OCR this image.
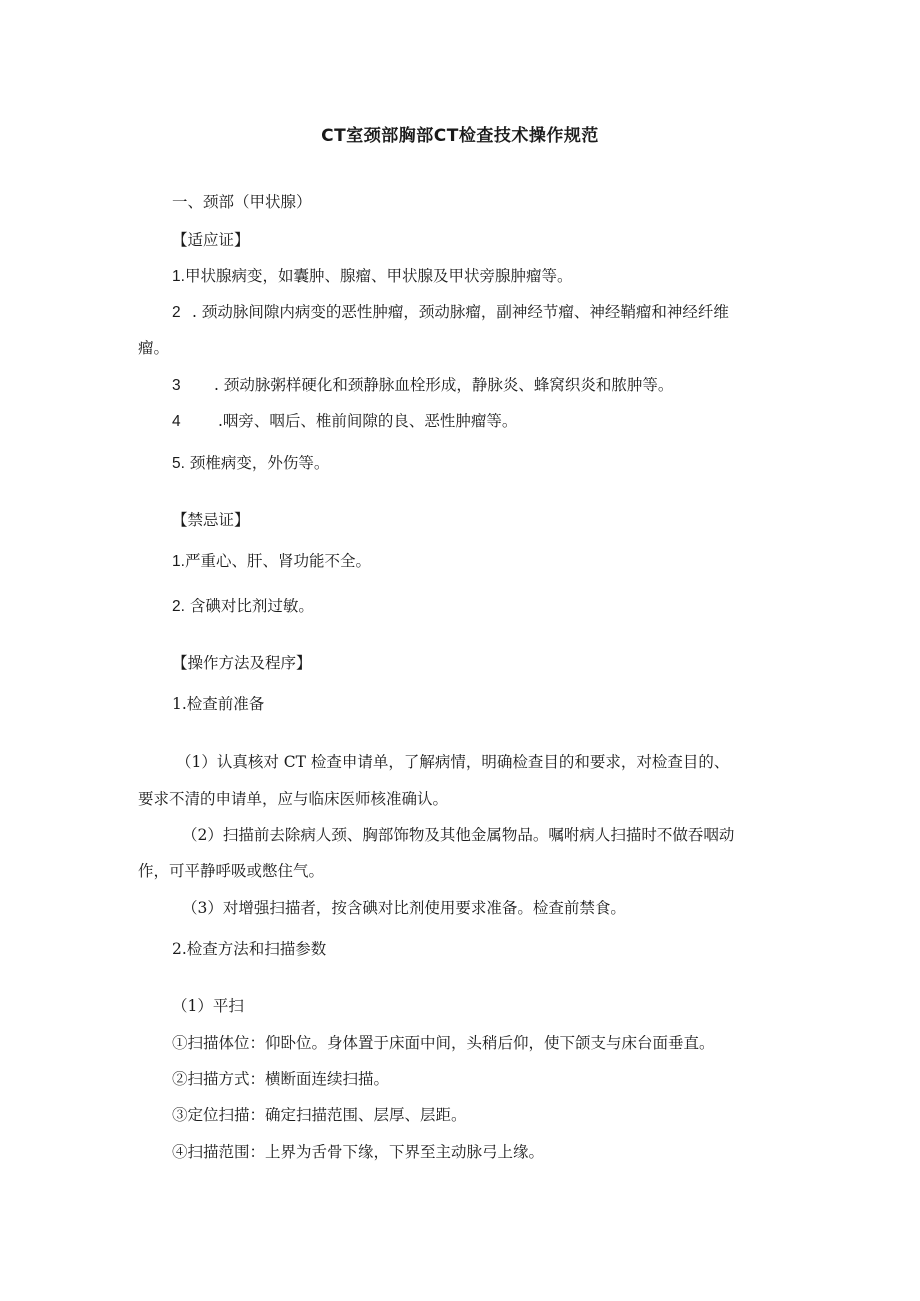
CT室颈部胸部CT检查技术操作规范
一、颈部（甲状腺）
【适应证】
1.甲状腺病变，如囊肿、腺瘤、甲状腺及甲状旁腺肿瘤等。
2 . 颈动脉间隙内病变的恶性肿瘤，颈动脉瘤，副神经节瘤、神经鞘瘤和神经纤维
瘤。
3 . 颈动脉粥样硬化和颈静脉血栓形成，静脉炎、蜂窝织炎和脓肿等。
4 .咽旁、咽后、椎前间隙的良、恶性肿瘤等。
5. 颈椎病变，外伤等。
【禁忌证】
1.严重心、肝、肾功能不全。
2. 含碘对比剂过敏。
【操作方法及程序】
1.检查前准备
（1）认真核对 CT 检查申请单，了解病情，明确检查目的和要求，对检查目的、
要求不清的申请单，应与临床医师核准确认。
（2）扫描前去除病人颈、胸部饰物及其他金属物品。嘱咐病人扫描时不做吞咽动
作，可平静呼吸或憋住气。
（3）对增强扫描者，按含碘对比剂使用要求准备。检查前禁食。
2.检查方法和扫描参数
（1）平扫
①扫描体位：仰卧位。身体置于床面中间，头稍后仰，使下颌支与床台面垂直。
②扫描方式：横断面连续扫描。
③定位扫描：确定扫描范围、层厚、层距。
④扫描范围：上界为舌骨下缘，下界至主动脉弓上缘。
